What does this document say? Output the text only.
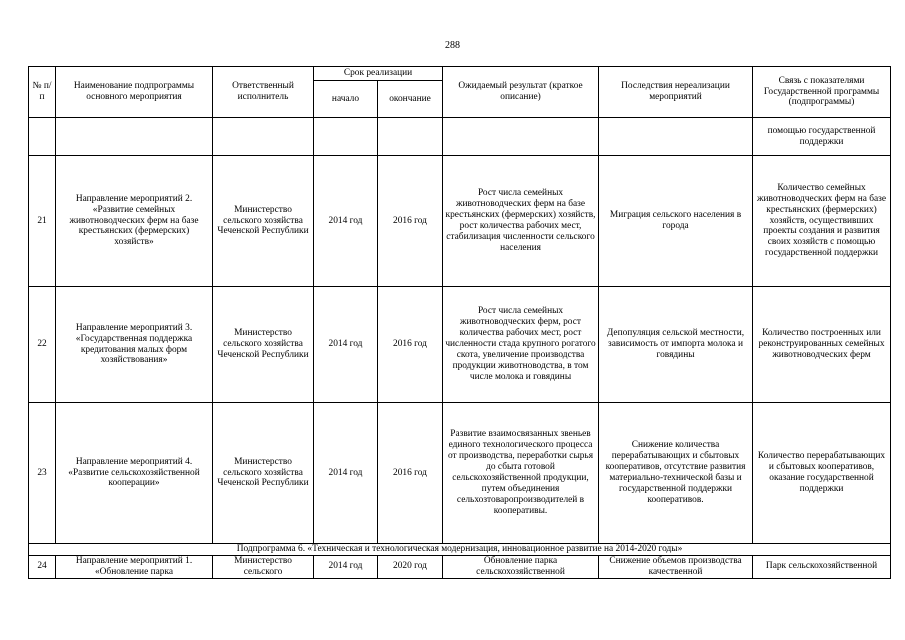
288
№ п/п	Наименование подпрограммы основного мероприятия	Ответственный исполнитель	Срок реализации		Ожидаемый результат (краткое описание)	Последствия нереализации мероприятий	Связь с показателями Государственной программы (подпрограммы)
			начало	окончание			
							помощью государственной поддержки
21	Направление мероприятий 2. «Развитие семейных животноводческих ферм на базе крестьянских (фермерских) хозяйств»	Министерство сельского хозяйства Чеченской Республики	2014 год	2016 год	Рост числа семейных животноводческих ферм на базе крестьянских (фермерских) хозяйств, рост количества рабочих мест, стабилизация численности сельского населения	Миграция сельского населения в города	Количество семейных животноводческих ферм на базе крестьянских (фермерских) хозяйств, осуществивших проекты создания и развития своих хозяйств с помощью государственной поддержки
22	Направление мероприятий 3. «Государственная поддержка кредитования малых форм хозяйствования»	Министерство сельского хозяйства Чеченской Республики	2014 год	2016 год	Рост числа семейных животноводческих ферм, рост количества рабочих мест, рост численности стада крупного рогатого скота, увеличение производства продукции животноводства, в том числе молока и говядины	Депопуляция сельской местности, зависимость от импорта молока и говядины	Количество построенных или реконструированных семейных животноводческих ферм
23	Направление мероприятий 4. «Развитие сельскохозяйственной кооперации»	Министерство сельского хозяйства Чеченской Республики	2014 год	2016 год	Развитие взаимосвязанных звеньев единого технологического процесса от производства, переработки сырья до сбыта готовой сельскохозяйственной продукции, путем объединения сельхозтоваропроизводителей в кооперативы.	Снижение количества перерабатывающих и сбытовых кооперативов, отсутствие развития материально-технической базы и государственной поддержки кооперативов.	Количество перерабатывающих и сбытовых кооперативов, оказание государственной поддержки
Подпрограмма 6. «Техническая и технологическая модернизация, инновационное развитие на 2014-2020 годы»							
24	Направление мероприятий 1. «Обновление парка	Министерство сельского	2014 год	2020 год	Обновление парка сельскохозяйственной	Снижение объемов производства качественной	Парк сельскохозяйственной
